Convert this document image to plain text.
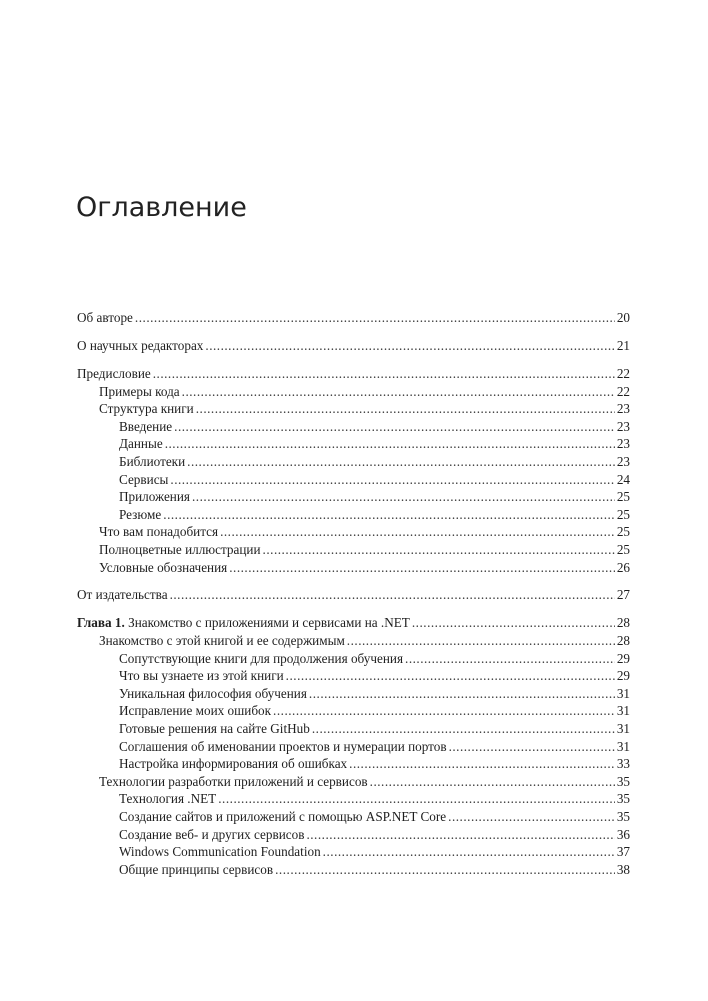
Оглавление
Об авторе .....	20
О научных редакторах .....	21
Предисловие .....	22
Примеры кода .....	22
Структура книги .....	23
Введение .....	23
Данные .....	23
Библиотеки .....	23
Сервисы .....	24
Приложения .....	25
Резюме .....	25
Что вам понадобится .....	25
Полноцветные иллюстрации .....	25
Условные обозначения .....	26
От издательства .....	27
Глава 1. Знакомство с приложениями и сервисами на .NET .....	28
Знакомство с этой книгой и ее содержимым .....	28
Сопутствующие книги для продолжения обучения .....	29
Что вы узнаете из этой книги .....	29
Уникальная философия обучения .....	31
Исправление моих ошибок .....	31
Готовые решения на сайте GitHub .....	31
Соглашения об именовании проектов и нумерации портов .....	31
Настройка информирования об ошибках .....	33
Технологии разработки приложений и сервисов .....	35
Технология .NET .....	35
Создание сайтов и приложений с помощью ASP.NET Core .....	35
Создание веб- и других сервисов .....	36
Windows Communication Foundation .....	37
Общие принципы сервисов .....	38
